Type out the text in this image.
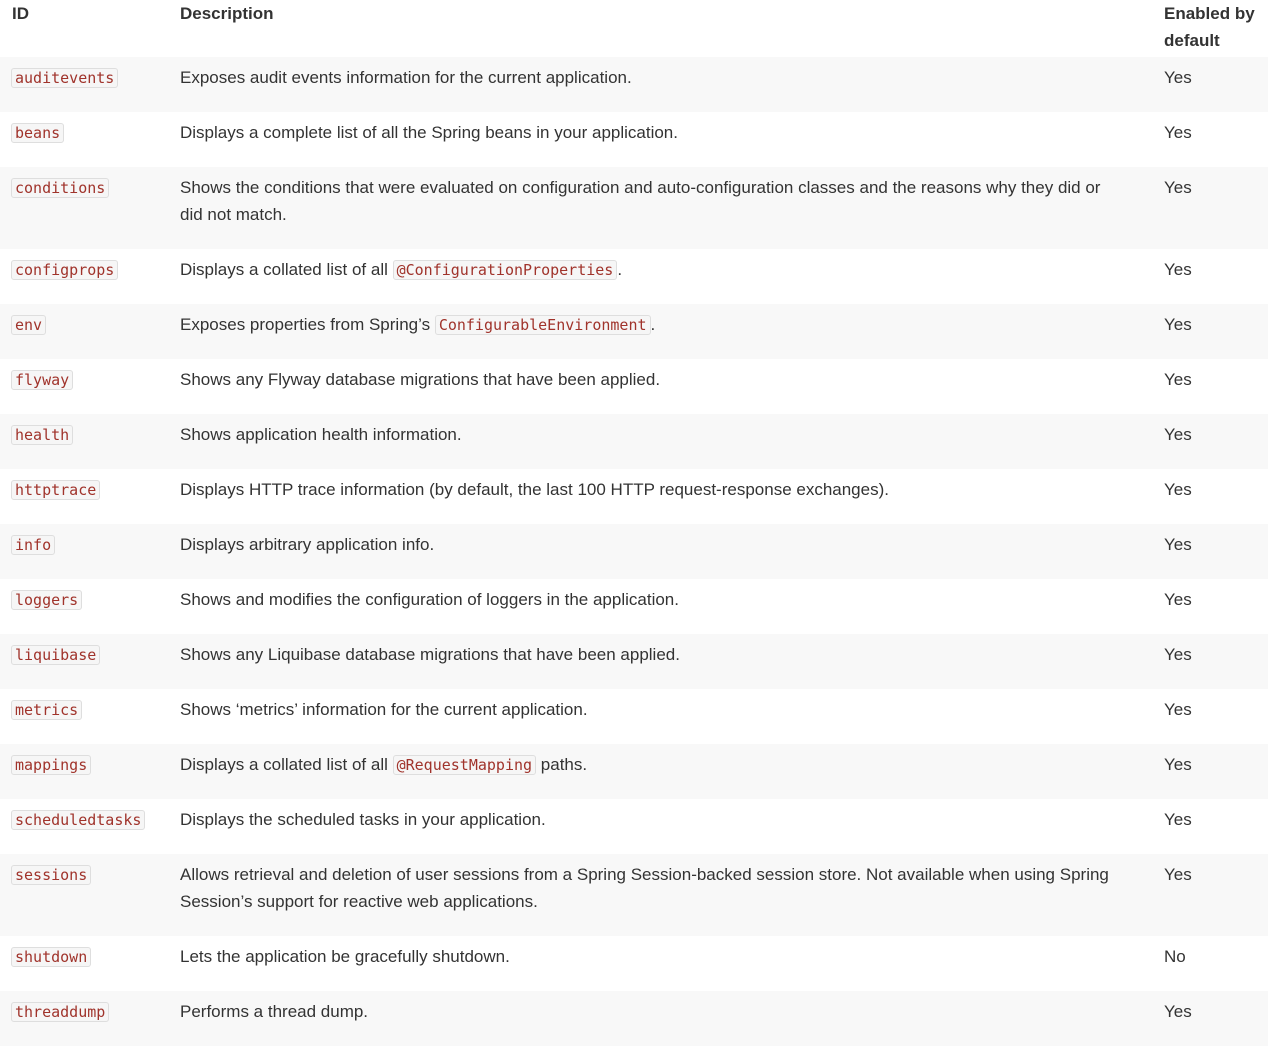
ID	Description	Enabled by default
auditevents	Exposes audit events information for the current application.	Yes
beans	Displays a complete list of all the Spring beans in your application.	Yes
conditions	Shows the conditions that were evaluated on configuration and auto-configuration classes and the reasons why they did or did not match.	Yes
configprops	Displays a collated list of all @ConfigurationProperties .	Yes
env	Exposes properties from Spring’s ConfigurableEnvironment .	Yes
flyway	Shows any Flyway database migrations that have been applied.	Yes
health	Shows application health information.	Yes
httptrace	Displays HTTP trace information (by default, the last 100 HTTP request-response exchanges).	Yes
info	Displays arbitrary application info.	Yes
loggers	Shows and modifies the configuration of loggers in the application.	Yes
liquibase	Shows any Liquibase database migrations that have been applied.	Yes
metrics	Shows ‘metrics’ information for the current application.	Yes
mappings	Displays a collated list of all @RequestMapping paths.	Yes
scheduledtasks	Displays the scheduled tasks in your application.	Yes
sessions	Allows retrieval and deletion of user sessions from a Spring Session-backed session store. Not available when using Spring Session’s support for reactive web applications.	Yes
shutdown	Lets the application be gracefully shutdown.	No
threaddump	Performs a thread dump.	Yes
